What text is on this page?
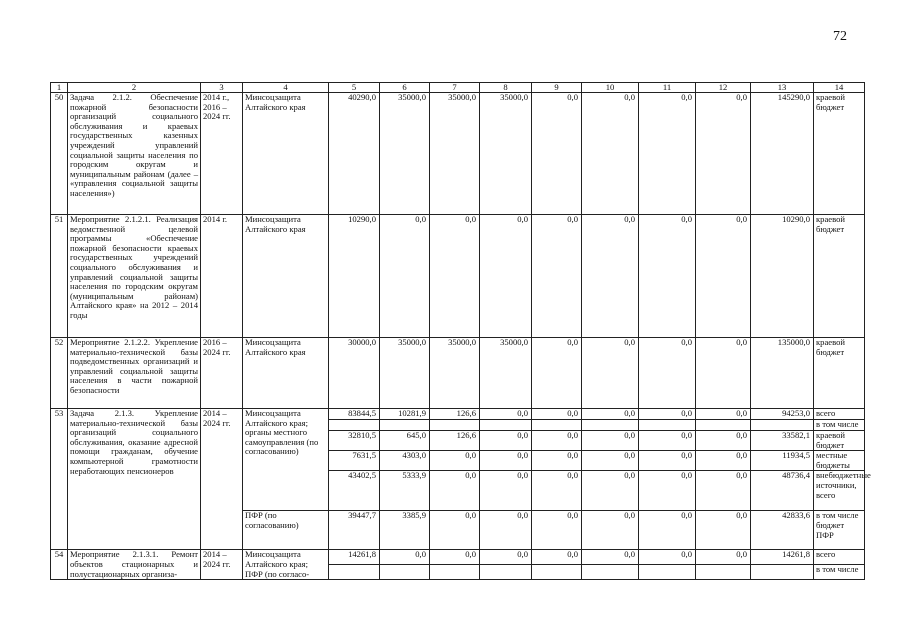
72
1	2	3	4	5	6	7	8	9	10	11	12	13	14
50	Задача 2.1.2. Обеспечение пожарной безопасности организаций социального обслуживания и краевых государственных казенных учреждений управлений социальной защиты населения по городским округам и муниципальным районам (далее – «управления социальной защиты населения»)	2014 г., 2016 – 2024 гг.	Минсоцзащита Алтайского края	40290,0	35000,0	35000,0	35000,0	0,0	0,0	0,0	0,0	145290,0	краевой бюджет
51	Мероприятие 2.1.2.1. Реализация ведомственной целевой программы «Обеспечение пожарной безопасности краевых государственных учреждений социального обслуживания и управлений социальной защиты населения по городским округам (муниципальным районам) Алтайского края» на 2012 – 2014 годы	2014 г.	Минсоцзащита Алтайского края	10290,0	0,0	0,0	0,0	0,0	0,0	0,0	0,0	10290,0	краевой бюджет
52	Мероприятие 2.1.2.2. Укрепление материально-технической базы подведомственных организаций и управлений социальной защиты населения в части пожарной безопасности	2016 – 2024 гг.	Минсоцзащита Алтайского края	30000,0	35000,0	35000,0	35000,0	0,0	0,0	0,0	0,0	135000,0	краевой бюджет
53	Задача 2.1.3. Укрепление материально-технической базы организаций социального обслуживания, оказание адресной помощи гражданам, обучение компьютерной грамотности неработающих пенсионеров	2014 – 2024 гг.	Минсоцзащита Алтайского края; органы местного самоуправления (по согласованию)	83844,5	10281,9	126,6	0,0	0,0	0,0	0,0	0,0	94253,0	всего
													в том числе
				32810,5	645,0	126,6	0,0	0,0	0,0	0,0	0,0	33582,1	краевой бюджет
				7631,5	4303,0	0,0	0,0	0,0	0,0	0,0	0,0	11934,5	местные бюджеты
				43402,5	5333,9	0,0	0,0	0,0	0,0	0,0	0,0	48736,4	внебюджетные источники, всего
			ПФР (по согласованию)	39447,7	3385,9	0,0	0,0	0,0	0,0	0,0	0,0	42833,6	в том числе бюджет ПФР
54	Мероприятие 2.1.3.1. Ремонт объектов стационарных и полустационарных организа-	2014 – 2024 гг.	Минсоцзащита Алтайского края; ПФР (по согласо-	14261,8	0,0	0,0	0,0	0,0	0,0	0,0	0,0	14261,8	всего
													в том числе
